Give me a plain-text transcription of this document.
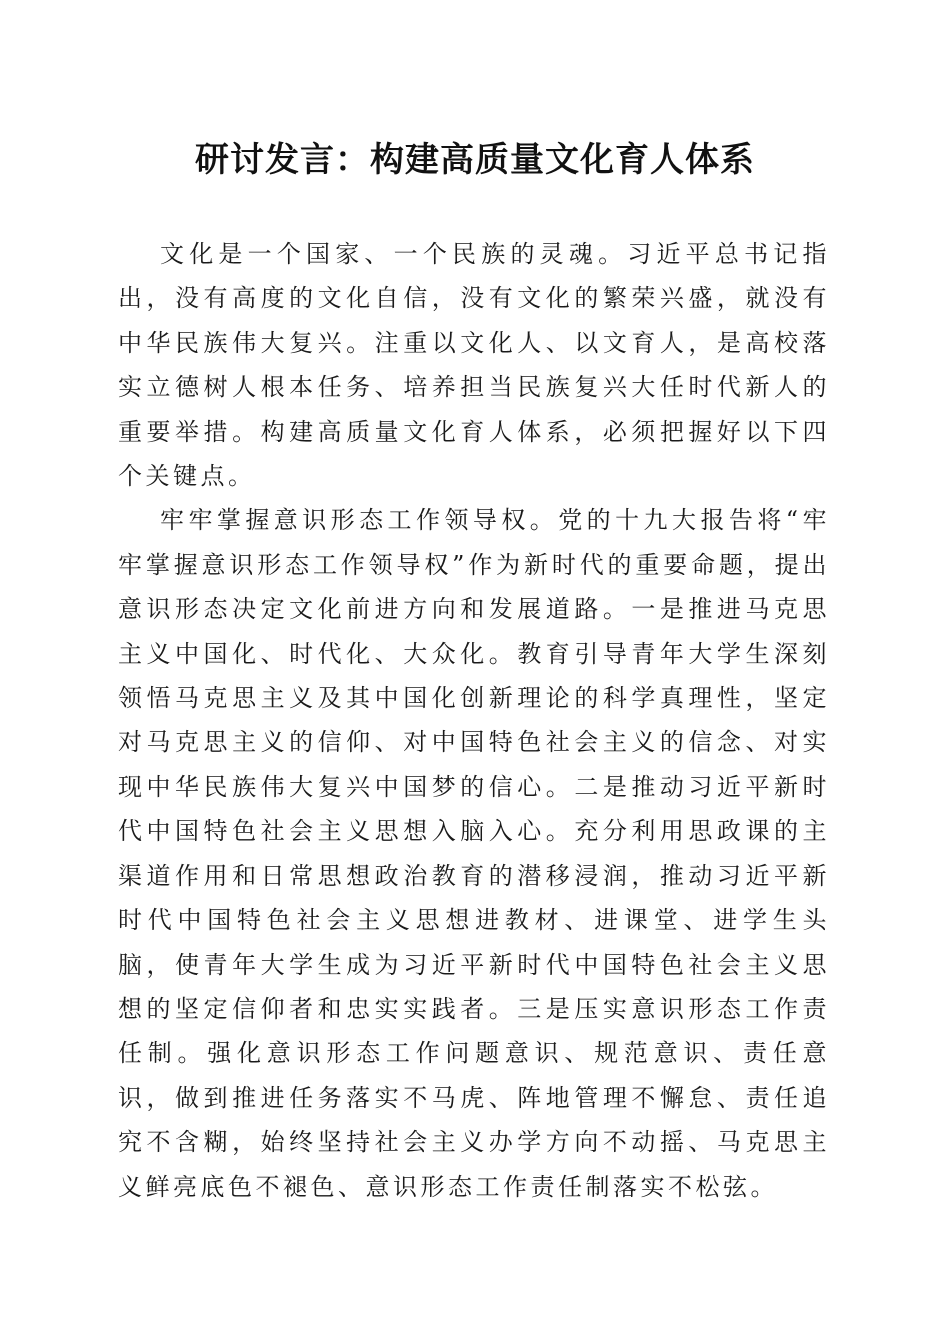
研讨发言：构建高质量文化育人体系

文化是一个国家、一个民族的灵魂。习近平总书记指出，没有高度的文化自信，没有文化的繁荣兴盛，就没有中华民族伟大复兴。注重以文化人、以文育人，是高校落实立德树人根本任务、培养担当民族复兴大任时代新人的重要举措。构建高质量文化育人体系，必须把握好以下四个关键点。

牢牢掌握意识形态工作领导权。党的十九大报告将“牢牢掌握意识形态工作领导权”作为新时代的重要命题，提出意识形态决定文化前进方向和发展道路。一是推进马克思主义中国化、时代化、大众化。教育引导青年大学生深刻领悟马克思主义及其中国化创新理论的科学真理性，坚定对马克思主义的信仰、对中国特色社会主义的信念、对实现中华民族伟大复兴中国梦的信心。二是推动习近平新时代中国特色社会主义思想入脑入心。充分利用思政课的主渠道作用和日常思想政治教育的潜移浸润，推动习近平新时代中国特色社会主义思想进教材、进课堂、进学生头脑，使青年大学生成为习近平新时代中国特色社会主义思想的坚定信仰者和忠实实践者。三是压实意识形态工作责任制。强化意识形态工作问题意识、规范意识、责任意识，做到推进任务落实不马虎、阵地管理不懈怠、责任追究不含糊，始终坚持社会主义办学方向不动摇、马克思主义鲜亮底色不褪色、意识形态工作责任制落实不松弦。
